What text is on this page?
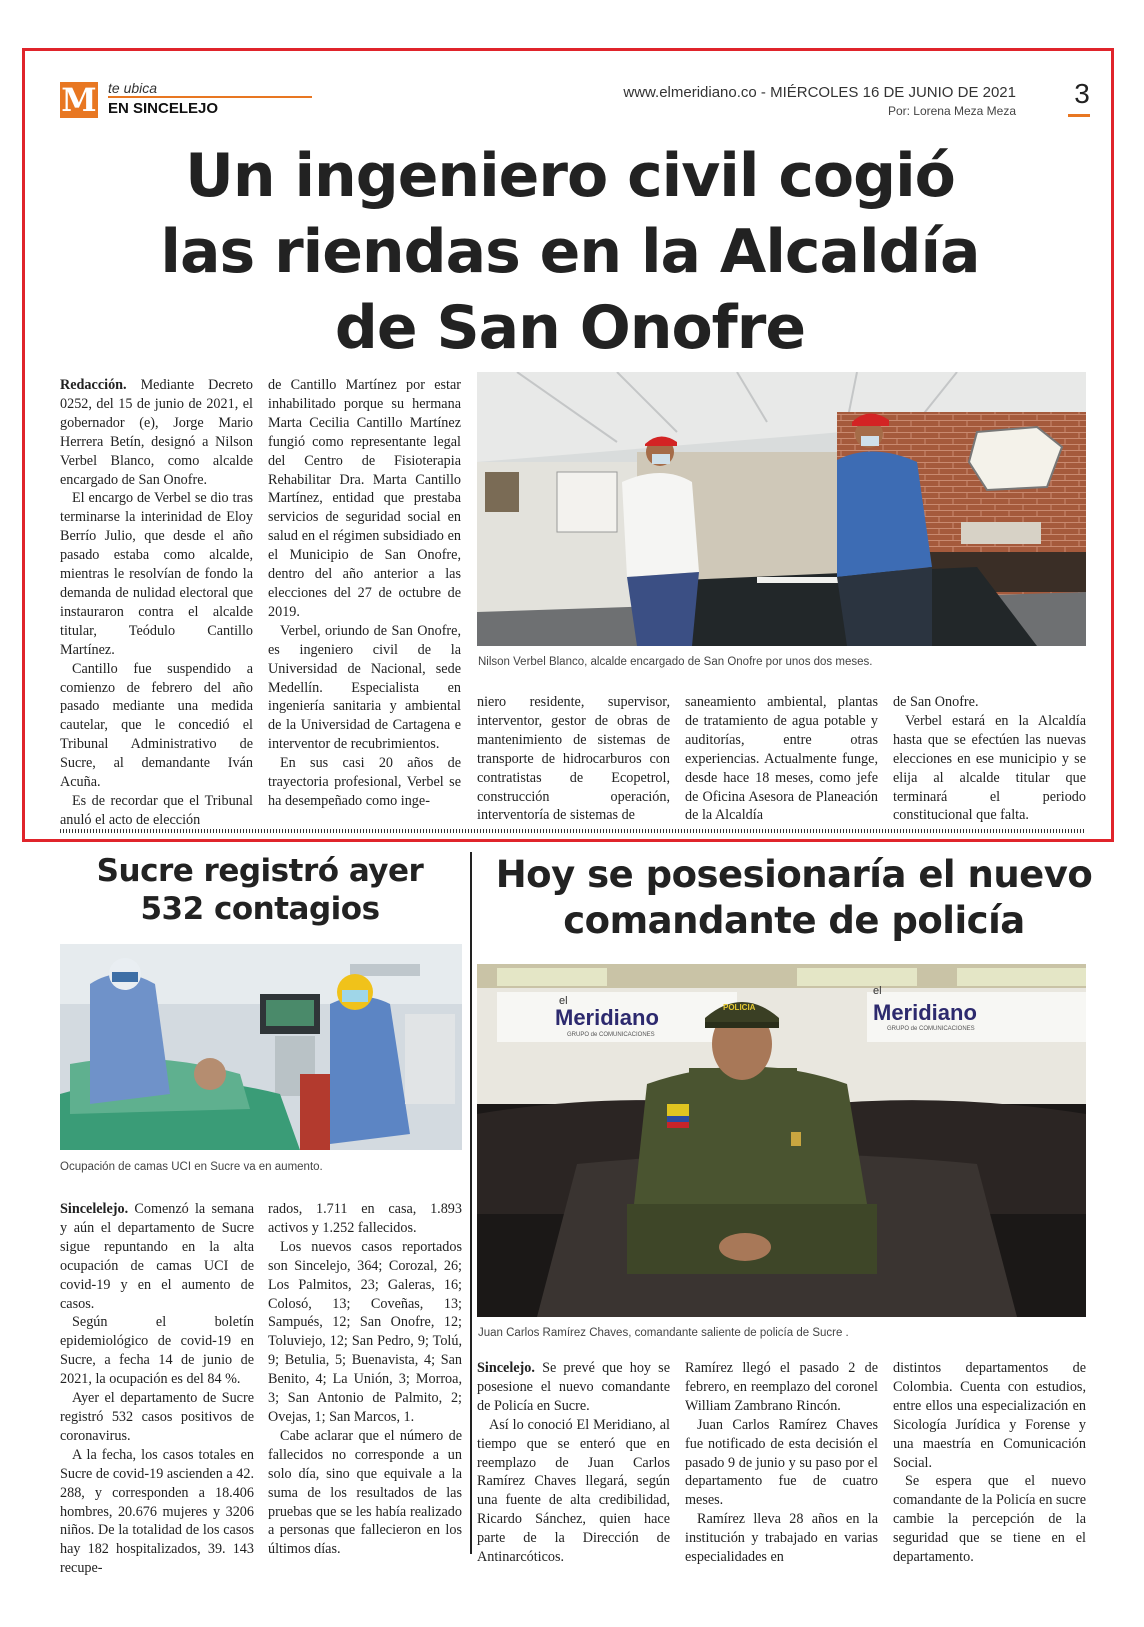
M te ubica
EN SINCELEJO
www.elmeridiano.co - MIÉRCOLES 16 DE JUNIO DE 2021
Por: Lorena Meza Meza
3
Un ingeniero civil cogió
las riendas en la Alcaldía
de San Onofre
Nilson Verbel Blanco, alcalde encargado de San Onofre por unos dos meses.

Redacción. Mediante Decreto 0252, del 15 de junio de 2021, el gobernador (e), Jorge Mario Herrera Betín, designó a Nilson Verbel Blanco, como alcalde encargado de San Onofre.

El encargo de Verbel se dio tras terminarse la interinidad de Eloy Berrío Julio, que desde el año pasado estaba como alcalde, mientras le resolvían de fondo la demanda de nulidad electoral que instauraron contra el alcalde titular, Teódulo Cantillo Martínez.

Cantillo fue suspendido a comienzo de febrero del año pasado mediante una medida cautelar, que le concedió el Tribunal Administrativo de Sucre, al demandante Iván Acuña.

Es de recordar que el Tribunal anuló el acto de elección

de Cantillo Martínez por estar inhabilitado porque su hermana Marta Cecilia Cantillo Martínez fungió como representante legal del Centro de Fisioterapia Rehabilitar Dra. Marta Cantillo Martínez, entidad que prestaba servicios de seguridad social en salud en el régimen subsidiado en el Municipio de San Onofre, dentro del año anterior a las elecciones del 27 de octubre de 2019.

Verbel, oriundo de San Onofre, es ingeniero civil de la Universidad de Nacional, sede Medellín. Especialista en ingeniería sanitaria y ambiental de la Universidad de Cartagena e interventor de recubrimientos.

En sus casi 20 años de trayectoria profesional, Verbel se ha desempeñado como inge-

niero residente, supervisor, interventor, gestor de obras de mantenimiento de sistemas de transporte de hidrocarburos con contratistas de Ecopetrol, construcción operación, interventoría de sistemas de

saneamiento ambiental, plantas de tratamiento de agua potable y auditorías, entre otras experiencias. Actualmente funge, desde hace 18 meses, como jefe de Oficina Asesora de Planeación de la Alcaldía

de San Onofre.

Verbel estará en la Alcaldía hasta que se efectúen las nuevas elecciones en ese municipio y se elija al alcalde titular que terminará el periodo constitucional que falta.

Sucre registró ayer
532 contagios
Ocupación de camas UCI en Sucre va en aumento.

Sincelelejo. Comenzó la semana y aún el departamento de Sucre sigue repuntando en la alta ocupación de camas UCI de covid-19 y en el aumento de casos.

Según el boletín epidemiológico de covid-19 en Sucre, a fecha 14 de junio de 2021, la ocupación es del 84 %.

Ayer el departamento de Sucre registró 532 casos positivos de coronavirus.

A la fecha, los casos totales en Sucre de covid-19 ascienden a 42. 288, y corresponden a 18.406 hombres, 20.676 mujeres y 3206 niños. De la totalidad de los casos hay 182 hospitalizados, 39. 143 recupe-

rados, 1.711 en casa, 1.893 activos y 1.252 fallecidos.

Los nuevos casos reportados son Sincelejo, 364; Corozal, 26; Los Palmitos, 23; Galeras, 16; Colosó, 13; Coveñas, 13; Sampués, 12; San Onofre, 12; Toluviejo, 12; San Pedro, 9; Tolú, 9; Betulia, 5; Buenavista, 4; San Benito, 4; La Unión, 3; Morroa, 3; San Antonio de Palmito, 2; Ovejas, 1; San Marcos, 1.

Cabe aclarar que el número de fallecidos no corresponde a un solo día, sino que equivale a la suma de los resultados de las pruebas que se les había realizado a personas que fallecieron en los últimos días.

Hoy se posesionaría el nuevo
comandante de policía
el
Meridiano
GRUPO de COMUNICACIONES
el
Meridiano
GRUPO de COMUNICACIONES
POLICIA
Juan Carlos Ramírez Chaves, comandante saliente de policía de Sucre .

Sincelejo. Se prevé que hoy se posesione el nuevo comandante de Policía en Sucre.

Así lo conoció El Meridiano, al tiempo que se enteró que en reemplazo de Juan Carlos Ramírez Chaves llegará, según una fuente de alta credibilidad, Ricardo Sánchez, quien hace parte de la Dirección de Antinarcóticos.

Ramírez llegó el pasado 2 de febrero, en reemplazo del coronel William Zambrano Rincón.

Juan Carlos Ramírez Chaves fue notificado de esta decisión el pasado 9 de junio y su paso por el departamento fue de cuatro meses.

Ramírez lleva 28 años en la institución y trabajado en varias especialidades en

distintos departamentos de Colombia. Cuenta con estudios, entre ellos una especialización en Sicología Jurídica y Forense y una maestría en Comunicación Social.

Se espera que el nuevo comandante de la Policía en sucre cambie la percepción de la seguridad que se tiene en el departamento.
